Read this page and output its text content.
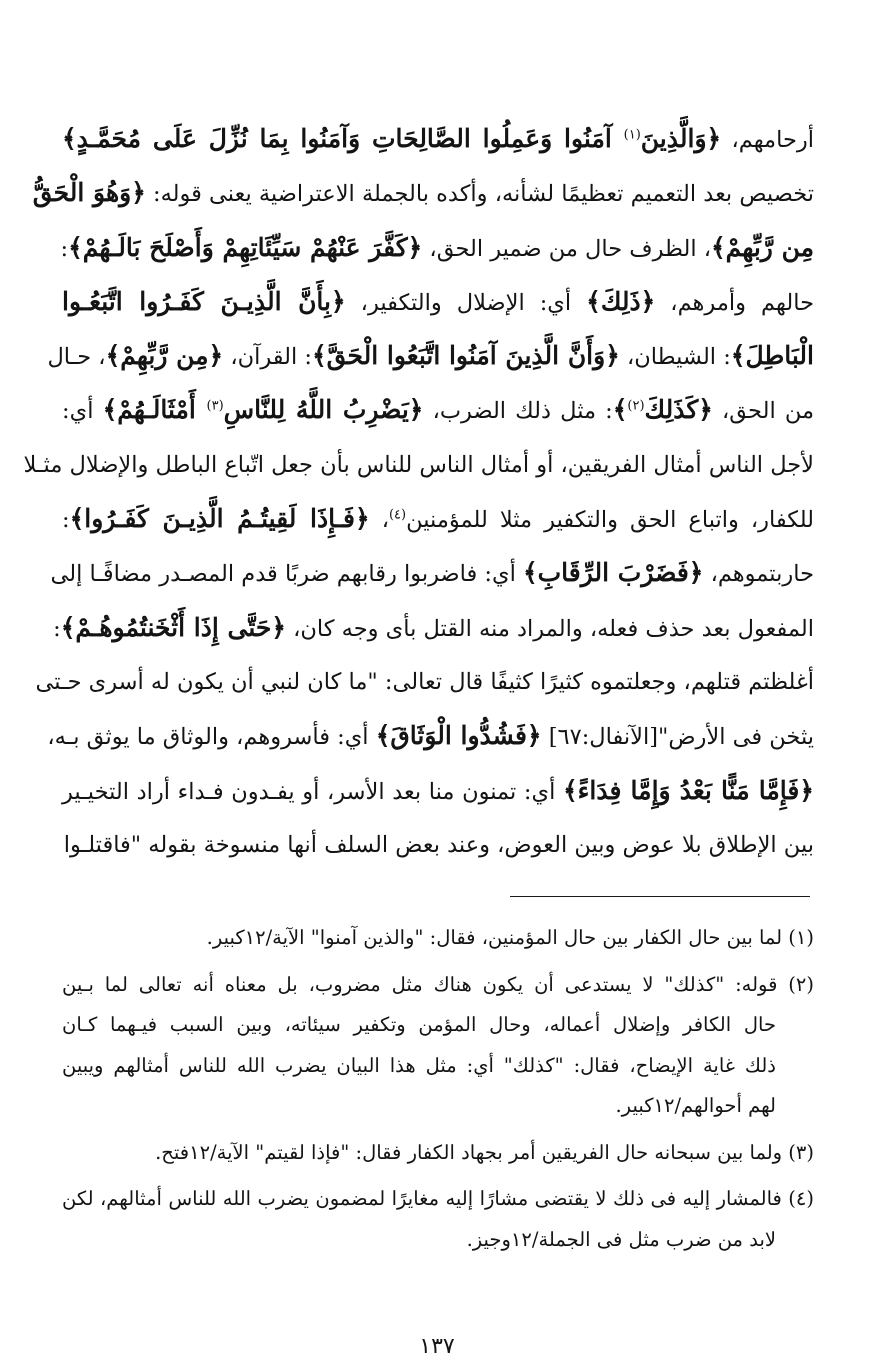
أرحامهم، ﴿وَالَّذِينَ$^{(١)}$ آمَنُوا وَعَمِلُوا الصَّالِحَاتِ وَآمَنُوا بِمَا نُزِّلَ عَلَى مُحَمَّـدٍ﴾
تخصيص بعد التعميم تعظيمًا لشأنه، وأكده بالجملة الاعتراضية يعنى قوله: ﴿وَهُوَ الْحَقُّ
مِن رَّبِّهِمْ﴾، الظرف حال من ضمير الحق، ﴿كَفَّرَ عَنْهُمْ سَيِّئَاتِهِمْ وَأَصْلَحَ بَالَـهُمْ﴾:
حالهم وأمرهم، ﴿ذَلِكَ﴾ أي: الإضلال والتكفير، ﴿بِأَنَّ الَّذِيـنَ كَفَـرُوا اتَّبَعُـوا
الْبَاطِلَ﴾: الشيطان، ﴿وَأَنَّ الَّذِينَ آمَنُوا اتَّبَعُوا الْحَقَّ﴾: القرآن، ﴿مِن رَّبِّهِمْ﴾، حـال
من الحق، ﴿كَذَلِكَ$^{(٢)}$﴾: مثل ذلك الضرب، ﴿يَضْرِبُ اللَّهُ لِلنَّاسِ$^{(٣)}$ أَمْثَالَـهُمْ﴾ أي:
لأجل الناس أمثال الفريقين، أو أمثال الناس للناس بأن جعل اتّباع الباطل والإضلال مثـلا
للكفار، واتباع الحق والتكفير مثلا للمؤمنين$^{(٤)}$، ﴿فَـإِذَا لَقِيتُـمُ الَّذِيـنَ كَفَـرُوا﴾:
حاربتموهم، ﴿فَضَرْبَ الرِّقَابِ﴾ أي: فاضربوا رقابهم ضربًا قدم المصـدر مضافًـا إلى
المفعول بعد حذف فعله، والمراد منه القتل بأى وجه كان، ﴿حَتَّى إِذَا أَثْخَنتُمُوهُـمْ﴾:
أغلظتم قتلهم، وجعلتموه كثيرًا كثيفًا قال تعالى: "ما كان لنبي أن يكون له أسرى حـتى
يثخن فى الأرض"[الآنفال:٦٧] ﴿فَشُدُّوا الْوَثَاقَ﴾ أي: فأسروهم، والوثاق ما يوثق بـه،
﴿فَإِمَّا مَنًّا بَعْدُ وَإِمَّا فِدَاءً﴾ أي: تمنون منا بعد الأسر، أو يفـدون فـداء أراد التخيـير
بين الإطلاق بلا عوض وبين العوض، وعند بعض السلف أنها منسوخة بقوله "فاقتلـوا
(١) لما بين حال الكفار بين حال المؤمنين، فقال: "والذين آمنوا" الآية/١٢كبير.
(٢) قوله: "كذلك" لا يستدعى أن يكون هناك مثل مضروب، بل معناه أنه تعالى لما بـين
حال الكافر وإضلال أعماله، وحال المؤمن وتكفير سيئاته، وبين السبب فيـهما كـان
ذلك غاية الإيضاح، فقال: "كذلك" أي: مثل هذا البيان يضرب الله للناس أمثالهم ويبين
لهم أحوالهم/١٢كبير.
(٣) ولما بين سبحانه حال الفريقين أمر بجهاد الكفار فقال: "فإذا لقيتم" الآية/١٢فتح.
(٤) فالمشار إليه فى ذلك لا يقتضى مشارًا إليه مغايرًا لمضمون يضرب الله للناس أمثالهم، لكن
لابد من ضرب مثل فى الجملة/١٢وجيز.
١٣٧
